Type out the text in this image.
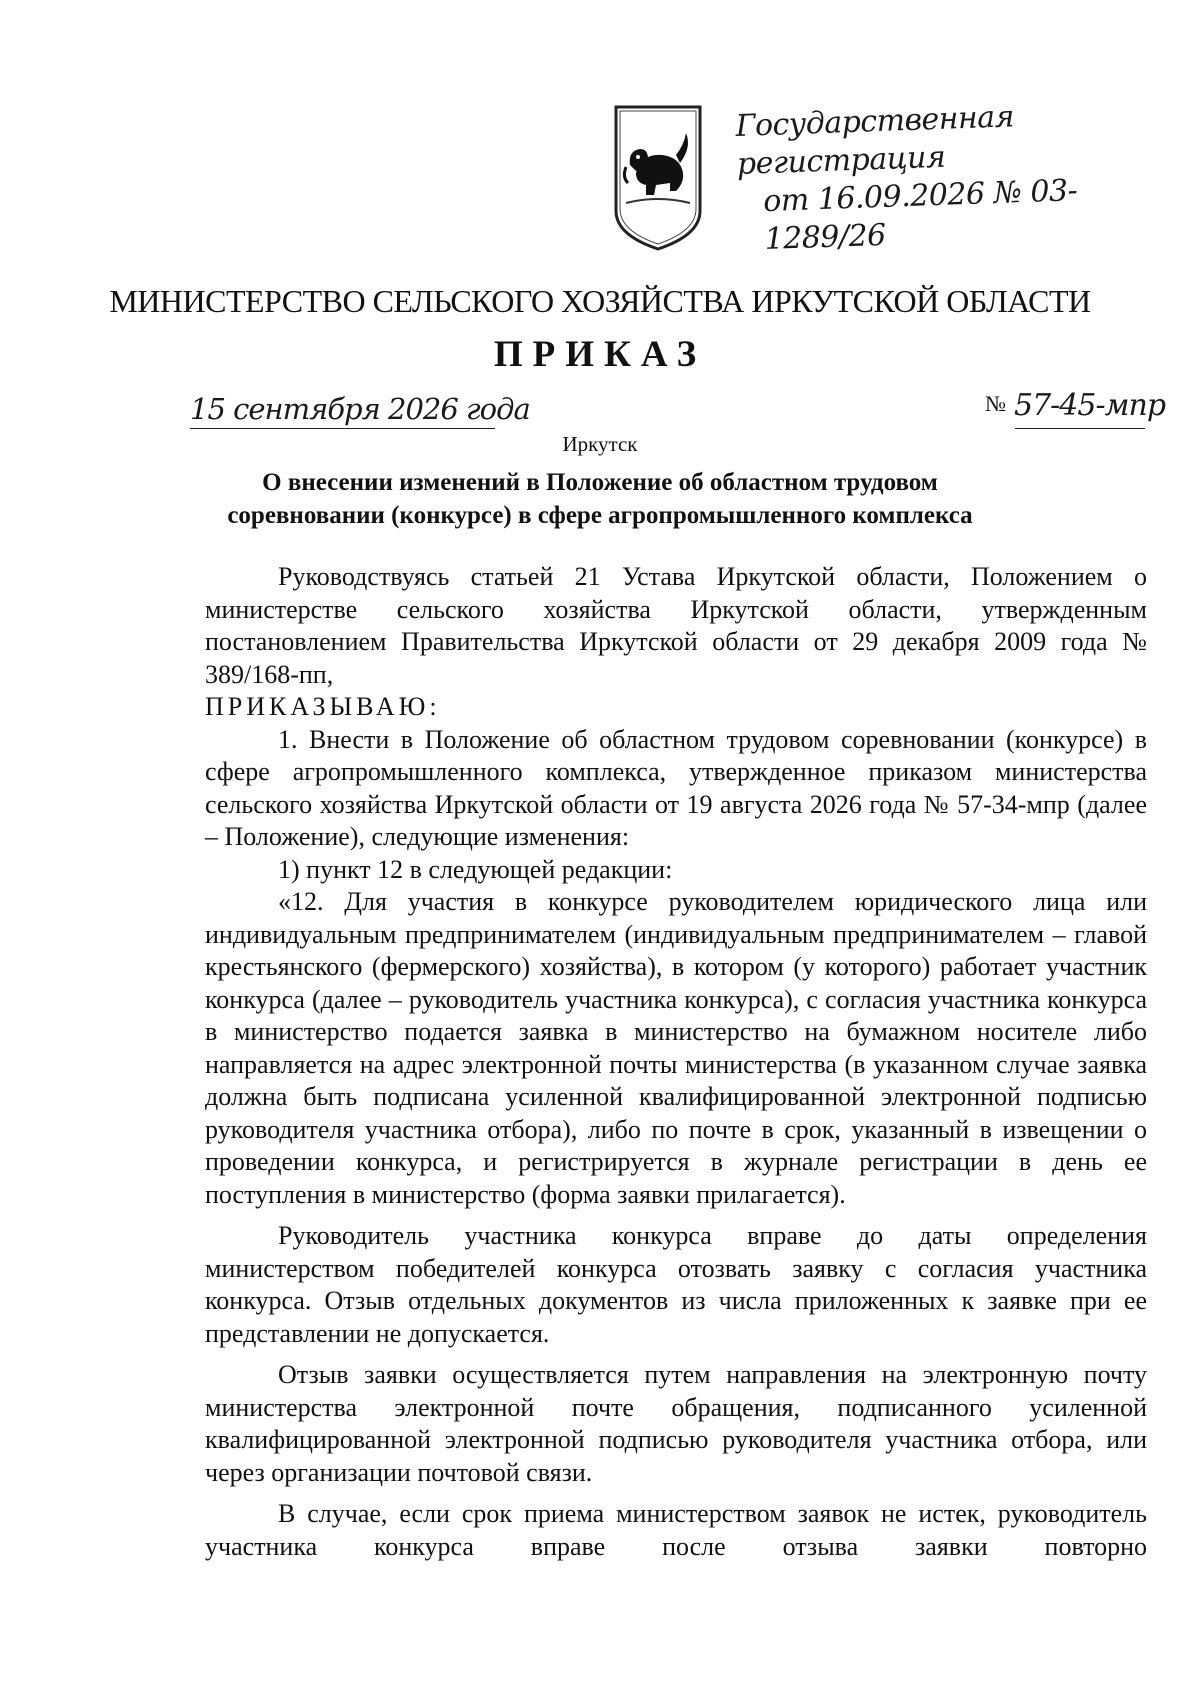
Государственная регистрация
от 16.09.2026 № 03-1289/26
МИНИСТЕРСТВО СЕЛЬСКОГО ХОЗЯЙСТВА ИРКУТСКОЙ ОБЛАСТИ
ПРИКАЗ
15 сентября 2026 года	№ 57-45-мпр
Иркутск
О внесении изменений в Положение об областном трудовом
соревновании (конкурсе) в сфере агропромышленного комплекса

Руководствуясь статьей 21 Устава Иркутской области, Положением о министерстве сельского хозяйства Иркутской области, утвержденным постановлением Правительства Иркутской области от 29 декабря 2009 года № 389/168-пп,

ПРИКАЗЫВАЮ:

1. Внести в Положение об областном трудовом соревновании (конкурсе) в сфере агропромышленного комплекса, утвержденное приказом министерства сельского хозяйства Иркутской области от 19 августа 2026 года № 57-34-мпр (далее – Положение), следующие изменения:

1) пункт 12 в следующей редакции:

«12. Для участия в конкурсе руководителем юридического лица или индивидуальным предпринимателем (индивидуальным предпринимателем – главой крестьянского (фермерского) хозяйства), в котором (у которого) работает участник конкурса (далее – руководитель участника конкурса), с согласия участника конкурса в министерство подается заявка в министерство на бумажном носителе либо направляется на адрес электронной почты министерства (в указанном случае заявка должна быть подписана усиленной квалифицированной электронной подписью руководителя участника отбора), либо по почте в срок, указанный в извещении о проведении конкурса, и регистрируется в журнале регистрации в день ее поступления в министерство (форма заявки прилагается).

Руководитель участника конкурса вправе до даты определения министерством победителей конкурса отозвать заявку с согласия участника конкурса. Отзыв отдельных документов из числа приложенных к заявке при ее представлении не допускается.

Отзыв заявки осуществляется путем направления на электронную почту министерства электронной почте обращения, подписанного усиленной квалифицированной электронной подписью руководителя участника отбора, или через организации почтовой связи.

В случае, если срок приема министерством заявок не истек, руководитель участника конкурса вправе после отзыва заявки повторно
